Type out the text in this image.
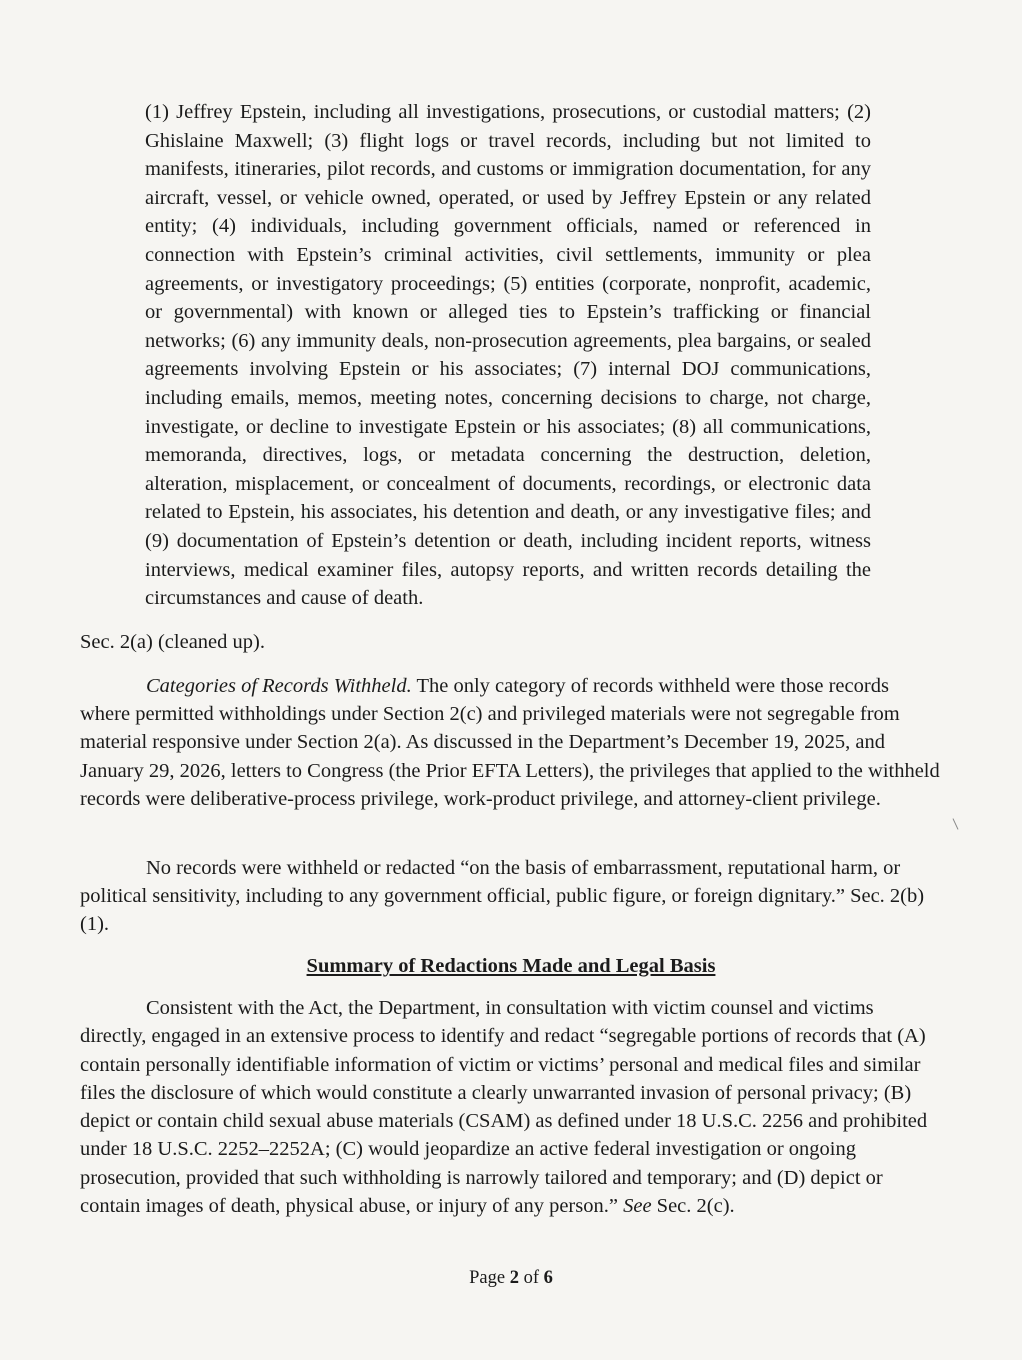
(1) Jeffrey Epstein, including all investigations, prosecutions, or custodial matters; (2) Ghislaine Maxwell; (3) flight logs or travel records, including but not limited to manifests, itineraries, pilot records, and customs or immigration documentation, for any aircraft, vessel, or vehicle owned, operated, or used by Jeffrey Epstein or any related entity; (4) individuals, including government officials, named or referenced in connection with Epstein’s criminal activities, civil settlements, immunity or plea agreements, or investigatory proceedings; (5) entities (corporate, nonprofit, academic, or governmental) with known or alleged ties to Epstein’s trafficking or financial networks; (6) any immunity deals, non-prosecution agreements, plea bargains, or sealed agreements involving Epstein or his associates; (7) internal DOJ communications, including emails, memos, meeting notes, concerning decisions to charge, not charge, investigate, or decline to investigate Epstein or his associates; (8) all communications, memoranda, directives, logs, or metadata concerning the destruction, deletion, alteration, misplacement, or concealment of documents, recordings, or electronic data related to Epstein, his associates, his detention and death, or any investigative files; and (9) documentation of Epstein’s detention or death, including incident reports, witness interviews, medical examiner files, autopsy reports, and written records detailing the circumstances and cause of death.
Sec. 2(a) (cleaned up).
Categories of Records Withheld. The only category of records withheld were those records where permitted withholdings under Section 2(c) and privileged materials were not segregable from material responsive under Section 2(a). As discussed in the Department’s December 19, 2025, and January 29, 2026, letters to Congress (the Prior EFTA Letters), the privileges that applied to the withheld records were deliberative-process privilege, work-product privilege, and attorney-client privilege.
No records were withheld or redacted “on the basis of embarrassment, reputational harm, or political sensitivity, including to any government official, public figure, or foreign dignitary.” Sec. 2(b)(1).
Summary of Redactions Made and Legal Basis
Consistent with the Act, the Department, in consultation with victim counsel and victims directly, engaged in an extensive process to identify and redact “segregable portions of records that (A) contain personally identifiable information of victim or victims’ personal and medical files and similar files the disclosure of which would constitute a clearly unwarranted invasion of personal privacy; (B) depict or contain child sexual abuse materials (CSAM) as defined under 18 U.S.C. 2256 and prohibited under 18 U.S.C. 2252–2252A; (C) would jeopardize an active federal investigation or ongoing prosecution, provided that such withholding is narrowly tailored and temporary; and (D) depict or contain images of death, physical abuse, or injury of any person.” See Sec. 2(c).
Page 2 of 6
